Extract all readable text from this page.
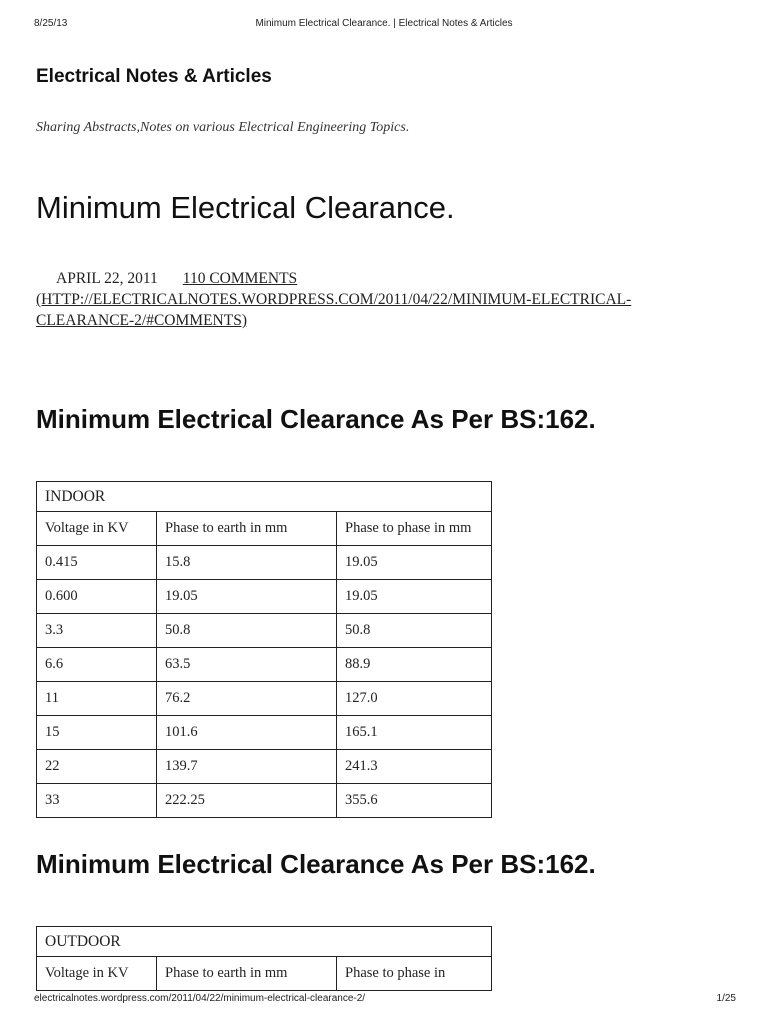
8/25/13	Minimum Electrical Clearance. | Electrical Notes & Articles
Electrical Notes & Articles

Sharing Abstracts,Notes on various Electrical Engineering Topics.

Minimum Electrical Clearance.
APRIL 22, 2011 110 COMMENTS
(HTTP://ELECTRICALNOTES.WORDPRESS.COM/2011/04/22/MINIMUM-ELECTRICAL-
CLEARANCE-2/#COMMENTS)
Minimum Electrical Clearance As Per BS:162.
INDOOR		
Voltage in KV	Phase to earth in mm	Phase to phase in mm
0.415	15.8	19.05
0.600	19.05	19.05
3.3	50.8	50.8
6.6	63.5	88.9
11	76.2	127.0
15	101.6	165.1
22	139.7	241.3
33	222.25	355.6
Minimum Electrical Clearance As Per BS:162.
OUTDOOR
Voltage in KV	Phase to earth in mm	Phase to phase in
electricalnotes.wordpress.com/2011/04/22/minimum-electrical-clearance-2/	1/25
